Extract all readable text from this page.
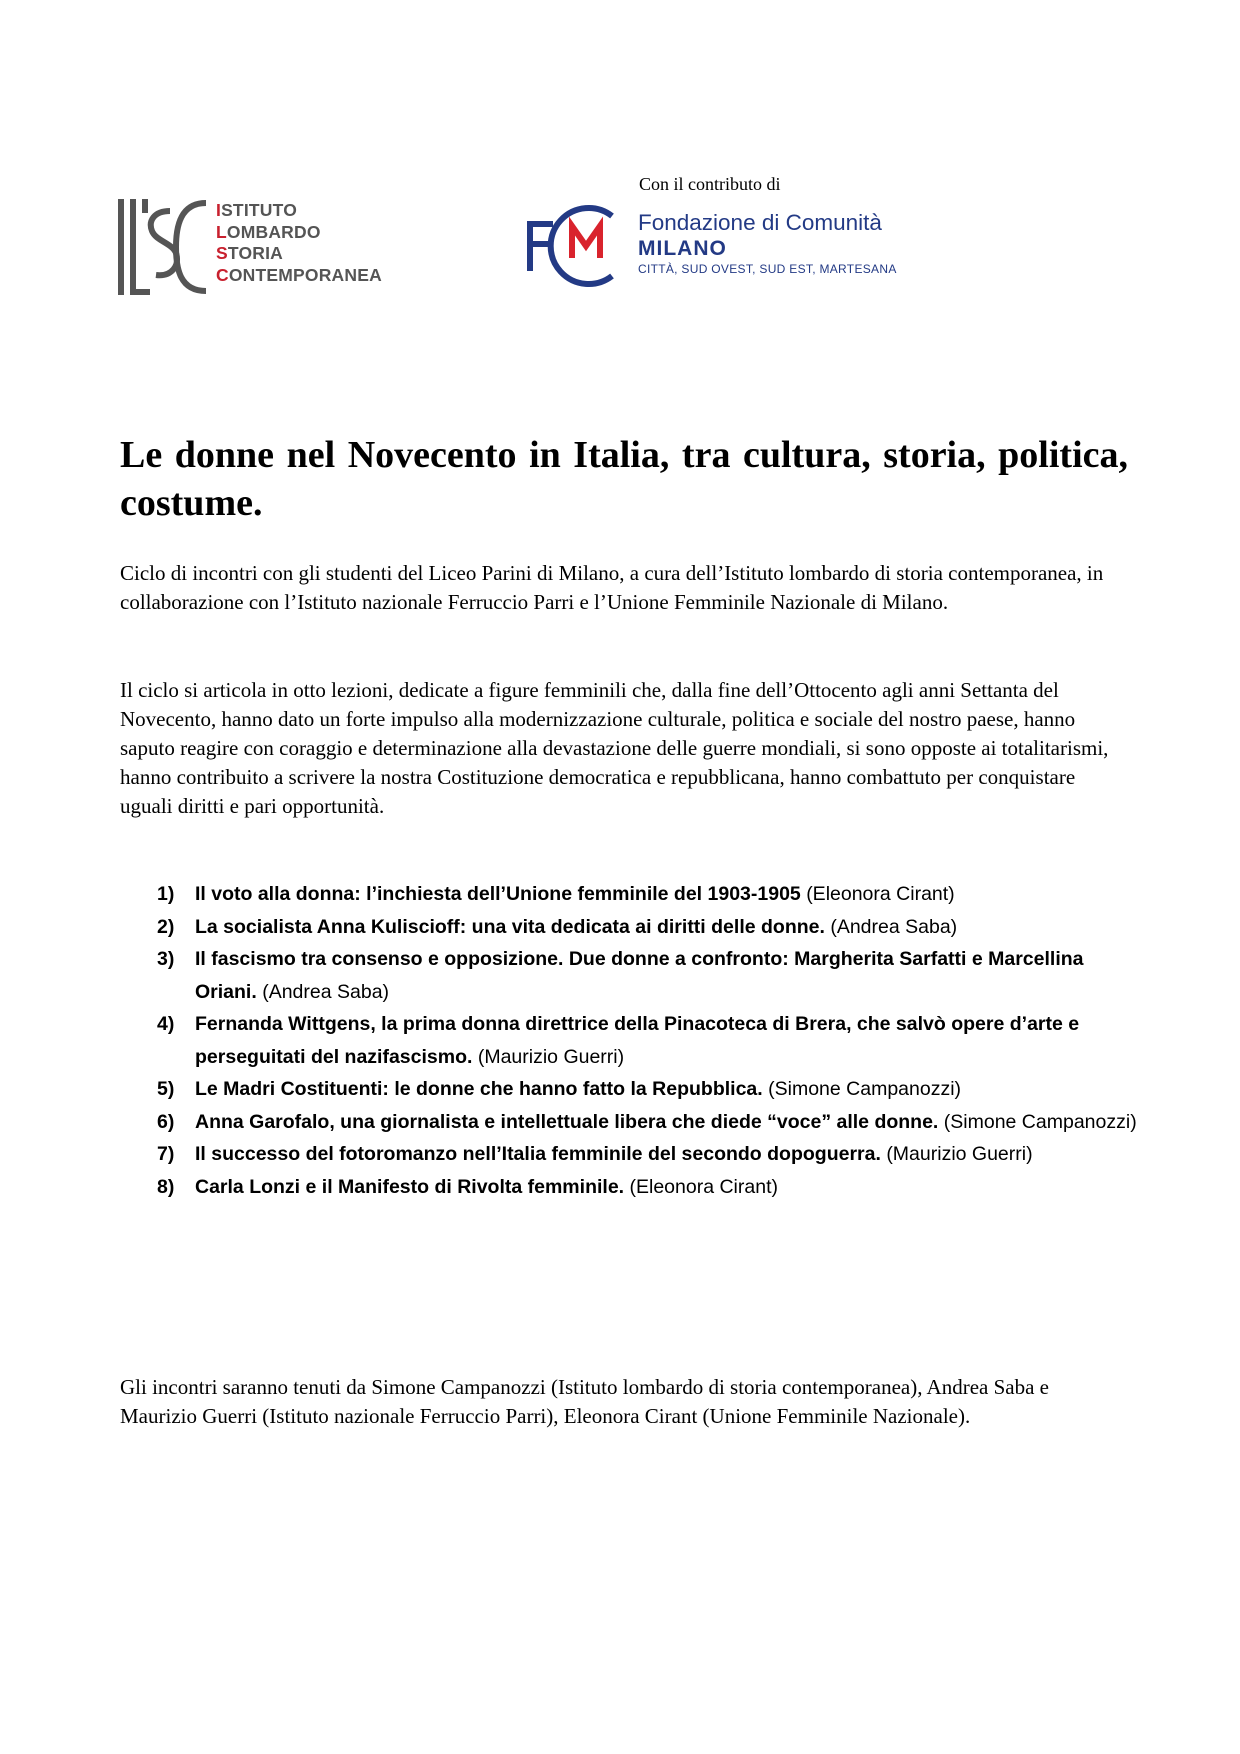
ISTITUTO
LOMBARDO
STORIA
CONTEMPORANEA
Con il contributo di
Fondazione di Comunità
MILANO
CITTÀ, SUD OVEST, SUD EST, MARTESANA
Le donne nel Novecento in Italia, tra cultura, storia, politica, costume.

Ciclo di incontri con gli studenti del Liceo Parini di Milano, a cura dell’Istituto lombardo di storia contemporanea, in collaborazione con l’Istituto nazionale Ferruccio Parri e l’Unione Femminile Nazionale di Milano.

Il ciclo si articola in otto lezioni, dedicate a figure femminili che, dalla fine dell’Ottocento agli anni Settanta del Novecento, hanno dato un forte impulso alla modernizzazione culturale, politica e sociale del nostro paese, hanno saputo reagire con coraggio e determinazione alla devastazione delle guerre mondiali, si sono opposte ai totalitarismi, hanno contribuito a scrivere la nostra Costituzione democratica e repubblicana, hanno combattuto per conquistare uguali diritti e pari opportunità.

1) Il voto alla donna: l’inchiesta dell’Unione femminile del 1903-1905 (Eleonora Cirant)
2) La socialista Anna Kuliscioff: una vita dedicata ai diritti delle donne. (Andrea Saba)
3) Il fascismo tra consenso e opposizione. Due donne a confronto: Margherita Sarfatti e Marcellina Oriani. (Andrea Saba)
4) Fernanda Wittgens, la prima donna direttrice della Pinacoteca di Brera, che salvò opere d’arte e perseguitati del nazifascismo. (Maurizio Guerri)
5) Le Madri Costituenti: le donne che hanno fatto la Repubblica. (Simone Campanozzi)
6) Anna Garofalo, una giornalista e intellettuale libera che diede “voce” alle donne. (Simone Campanozzi)
7) Il successo del fotoromanzo nell’Italia femminile del secondo dopoguerra. (Maurizio Guerri)
8) Carla Lonzi e il Manifesto di Rivolta femminile. (Eleonora Cirant)

Gli incontri saranno tenuti da Simone Campanozzi (Istituto lombardo di storia contemporanea), Andrea Saba e Maurizio Guerri (Istituto nazionale Ferruccio Parri), Eleonora Cirant (Unione Femminile Nazionale).
